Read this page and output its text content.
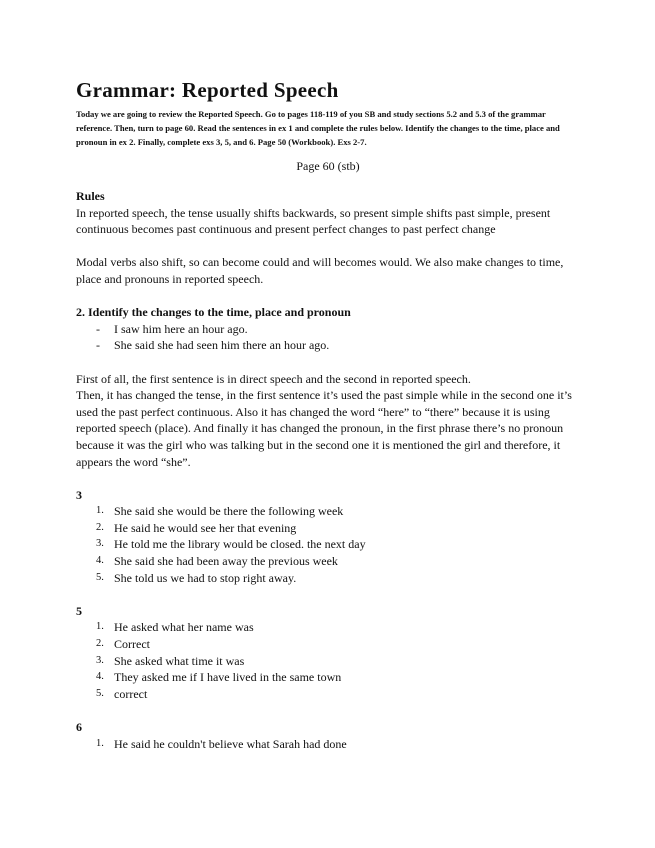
Grammar: Reported Speech

Today we are going to review the Reported Speech. Go to pages 118-119 of you SB and study sections 5.2 and 5.3 of the grammar reference. Then, turn to page 60. Read the sentences in ex 1 and complete the rules below. Identify the changes to the time, place and pronoun in ex 2. Finally, complete exs 3, 5, and 6. Page 50 (Workbook). Exs 2-7.

Page 60 (stb)

Rules

In reported speech, the tense usually shifts backwards, so present simple shifts past simple, present continuous becomes past continuous and present perfect changes to past perfect change

Modal verbs also shift, so can become could and will becomes would. We also make changes to time, place and pronouns in reported speech.

2. Identify the changes to the time, place and pronoun

- I saw him here an hour ago.
- She said she had seen him there an hour ago.

First of all, the first sentence is in direct speech and the second in reported speech.

Then, it has changed the tense, in the first sentence it’s used the past simple while in the second one it’s used the past perfect continuous. Also it has changed the word “here” to “there” because it is using reported speech (place). And finally it has changed the pronoun, in the first phrase there’s no pronoun because it was the girl who was talking but in the second one it is mentioned the girl and therefore, it appears the word “she”.

3

1. She said she would be there the following week
2. He said he would see her that evening
3. He told me the library would be closed. the next day
4. She said she had been away the previous week
5. She told us we had to stop right away.

5

1. He asked what her name was
2. Correct
3. She asked what time it was
4. They asked me if I have lived in the same town
5. correct

6

1. He said he couldn't believe what Sarah had done
